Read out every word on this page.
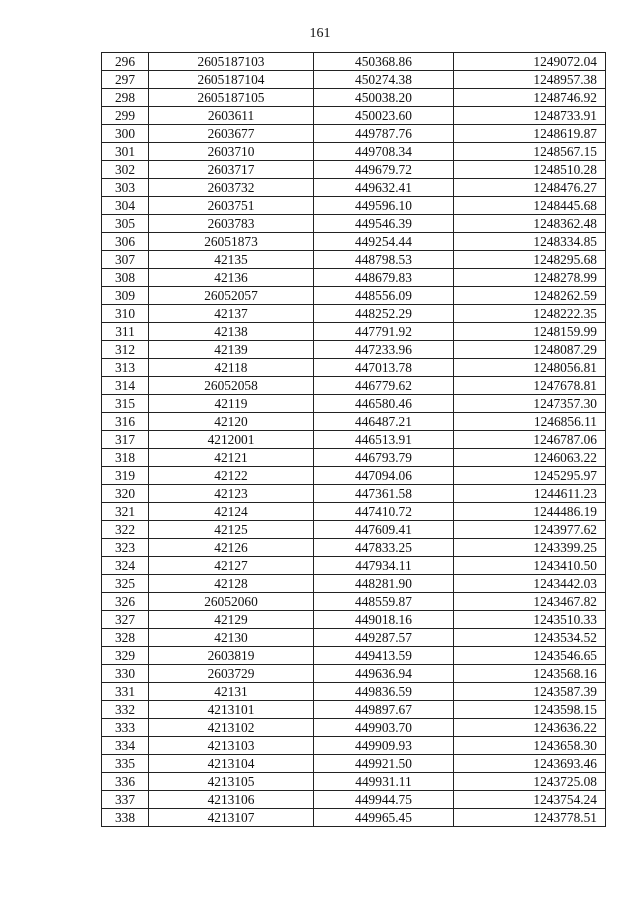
161
296	2605187103	450368.86	1249072.04
297	2605187104	450274.38	1248957.38
298	2605187105	450038.20	1248746.92
299	2603611	450023.60	1248733.91
300	2603677	449787.76	1248619.87
301	2603710	449708.34	1248567.15
302	2603717	449679.72	1248510.28
303	2603732	449632.41	1248476.27
304	2603751	449596.10	1248445.68
305	2603783	449546.39	1248362.48
306	26051873	449254.44	1248334.85
307	42135	448798.53	1248295.68
308	42136	448679.83	1248278.99
309	26052057	448556.09	1248262.59
310	42137	448252.29	1248222.35
311	42138	447791.92	1248159.99
312	42139	447233.96	1248087.29
313	42118	447013.78	1248056.81
314	26052058	446779.62	1247678.81
315	42119	446580.46	1247357.30
316	42120	446487.21	1246856.11
317	4212001	446513.91	1246787.06
318	42121	446793.79	1246063.22
319	42122	447094.06	1245295.97
320	42123	447361.58	1244611.23
321	42124	447410.72	1244486.19
322	42125	447609.41	1243977.62
323	42126	447833.25	1243399.25
324	42127	447934.11	1243410.50
325	42128	448281.90	1243442.03
326	26052060	448559.87	1243467.82
327	42129	449018.16	1243510.33
328	42130	449287.57	1243534.52
329	2603819	449413.59	1243546.65
330	2603729	449636.94	1243568.16
331	42131	449836.59	1243587.39
332	4213101	449897.67	1243598.15
333	4213102	449903.70	1243636.22
334	4213103	449909.93	1243658.30
335	4213104	449921.50	1243693.46
336	4213105	449931.11	1243725.08
337	4213106	449944.75	1243754.24
338	4213107	449965.45	1243778.51
